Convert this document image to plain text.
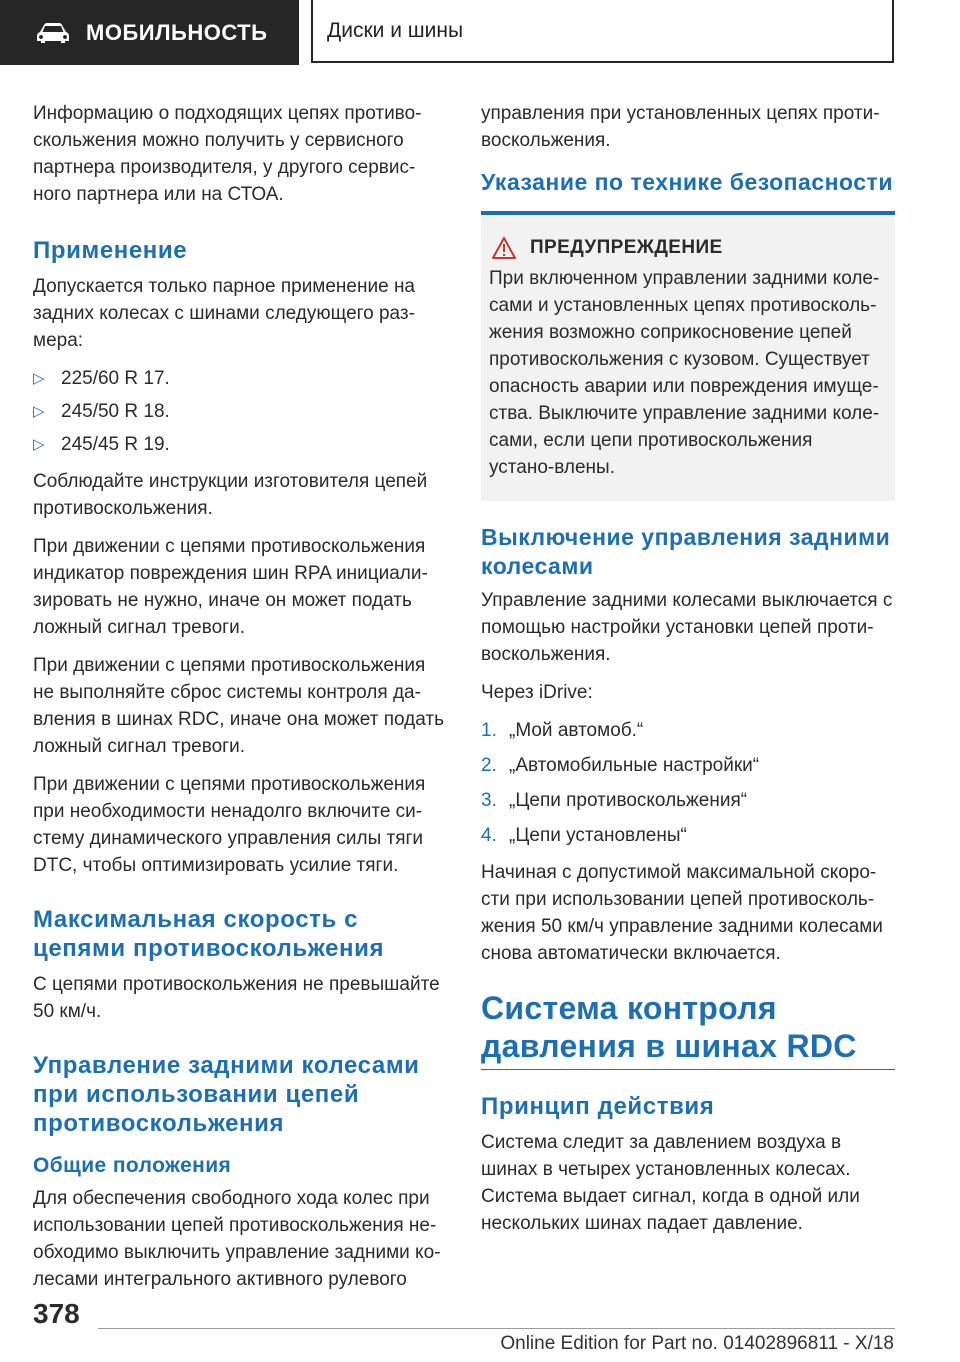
МОБИЛЬНОСТЬ	Диски и шины

Информацию о подходящих цепях противо-скольжения можно получить у сервисного партнера производителя, у другого сервис-ного партнера или на СТОА.

Применение

Допускается только парное применение на задних колесах с шинами следующего раз-мера:

▷ 225/60 R 17.
▷ 245/50 R 18.
▷ 245/45 R 19.

Соблюдайте инструкции изготовителя цепей противоскольжения.

При движении с цепями противоскольжения индикатор повреждения шин RPA инициали-зировать не нужно, иначе он может подать ложный сигнал тревоги.

При движении с цепями противоскольжения не выполняйте сброс системы контроля да-вления в шинах RDC, иначе она может подать ложный сигнал тревоги.

При движении с цепями противоскольжения при необходимости ненадолго включите си-стему динамического управления силы тяги DTC, чтобы оптимизировать усилие тяги.

Максимальная скорость с цепями противоскольжения

С цепями противоскольжения не превышайте 50 км/ч.

Управление задними колесами при использовании цепей противоскольжения
Общие положения

Для обеспечения свободного хода колес при использовании цепей противоскольжения не-обходимо выключить управление задними ко-лесами интегрального активного рулевого

управления при установленных цепях проти-воскольжения.

Указание по технике безопасности
ПРЕДУПРЕЖДЕНИЕ

При включенном управлении задними коле-сами и установленных цепях противосколь-жения возможно соприкосновение цепей противоскольжения с кузовом. Существует опасность аварии или повреждения имуще-ства. Выключите управление задними коле-сами, если цепи противоскольжения устано-влены.

Выключение управления задними колесами

Управление задними колесами выключается с помощью настройки установки цепей проти-воскольжения.

Через iDrive:

1. „Мой автомоб.“
2. „Автомобильные настройки“
3. „Цепи противоскольжения“
4. „Цепи установлены“

Начиная с допустимой максимальной скоро-сти при использовании цепей противосколь-жения 50 км/ч управление задними колесами снова автоматически включается.

Система контроля давления в шинах RDC
Принцип действия

Система следит за давлением воздуха в шинах в четырех установленных колесах. Система выдает сигнал, когда в одной или нескольких шинах падает давление.

378
Online Edition for Part no. 01402896811 - X/18
